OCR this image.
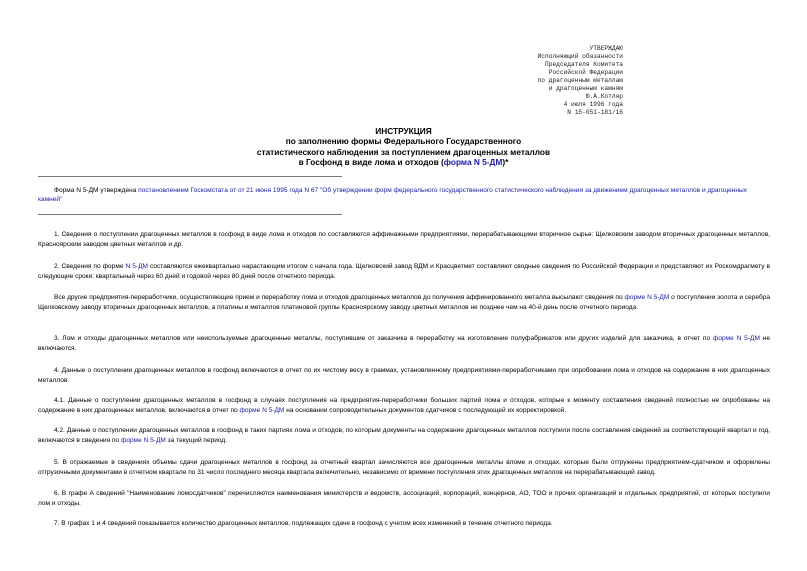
УТВЕРЖДАЮ
Исполняющий обязанности
Председателя Комитета
Российской Федерации
по драгоценным металлам
и драгоценным камням
Ю.А.Котляр
4 июля 1996 года
N 15-051-181/16
ИНСТРУКЦИЯ
по заполнению формы Федерального Государственного
статистического наблюдения за поступлением драгоценных металлов
в Госфонд в виде лома и отходов (форма N 5-ДМ)*
Форма N 5-ДМ утверждена постановлением Госкомстата от от 21 июня 1995 года N 67 "Об утверждении форм федерального государственного статистического наблюдения за движением драгоценных металлов и драгоценных камней"
1. Сведения о поступлении драгоценных металлов в госфонд в виде лома и отходов по составляются аффинажными предприятиями, перерабатывающими вторичное сырье: Щелковским заводом вторичных драгоценных металлов, Красноярским заводом цветных металлов и др.
2. Сведения по форме N 5-ДМ составляются ежеквартально нарастающим итогом с начала года. Щелковский завод ВДМ и Красцветмет составляют сводные сведения по Российской Федерации и представляют их Роскомдрагмету в следующие сроки: квартальный через 60 дней и годовой через 80 дней после отчетного периода.
Все другие предприятия-переработчики, осуществляющие прием и переработку лома и отходов драгоценных металлов до получения аффинированного металла высылают сведения по форме N 5-ДМ о поступлении золота и серебра Щелковскому заводу вторичных драгоценных металлов, а платины и металлов платиновой группы Красноярскому заводу цветных металлов не позднее чем на 40-й день после отчетного периода.
3. Лом и отходы драгоценных металлов или неиспользуемые драгоценные металлы, поступившие от заказчика в переработку на изготовление полуфабрикатов или других изделий для заказчика, в отчет по форме N 5-ДМ не включаются.
4. Данные о поступлении драгоценных металлов в госфонд включаются в отчет по их чистому весу в граммах, установленному предприятиями-переработчиками при опробовании лома и отходов на содержание в них драгоценных металлов.
4.1. Данные о поступлении драгоценных металлов в госфонд в случаях поступления на предприятия-переработчики больших партий лома и отходов, которые к моменту составления сведений полностью не опробованы на содержание в них драгоценных металлов, включаются в отчет по форме N 5-ДМ на основании сопроводительных документов сдатчиков с последующей их корректировкой.
4.2. Данные о поступлении драгоценных металлов в госфонд в таких партиях лома и отходов, по которым документы на содержание драгоценных металлов поступили после составления сведений за соответствующий квартал и год, включаются в сведения по форме N 5-ДМ за текущий период.
5. В отражаемые в сведениях объемы сдачи драгоценных металлов в госфонд за отчетный квартал зачисляются все драгоценные металлы вломе и отходах, которые были отгружены предприятием-сдатчиком и оформлены отгрузочными документами в отчетном квартале по 31 число последнего месяца квартала включительно, независимо от времени поступления этих драгоценных металлов на перерабатывающий завод.
6. В графе А сведений "Наименование ломосдатчиков" перечисляются наименования министерств и ведомств, ассоциаций, корпораций, концернов, АО, ТОО и прочих организаций и отдельных предприятий, от которых поступили лом и отходы.
7. В графах 1 и 4 сведений показывается количество драгоценных металлов, подлежащих сдаче в госфонд с учетом всех изменений в течение отчетного периода.
